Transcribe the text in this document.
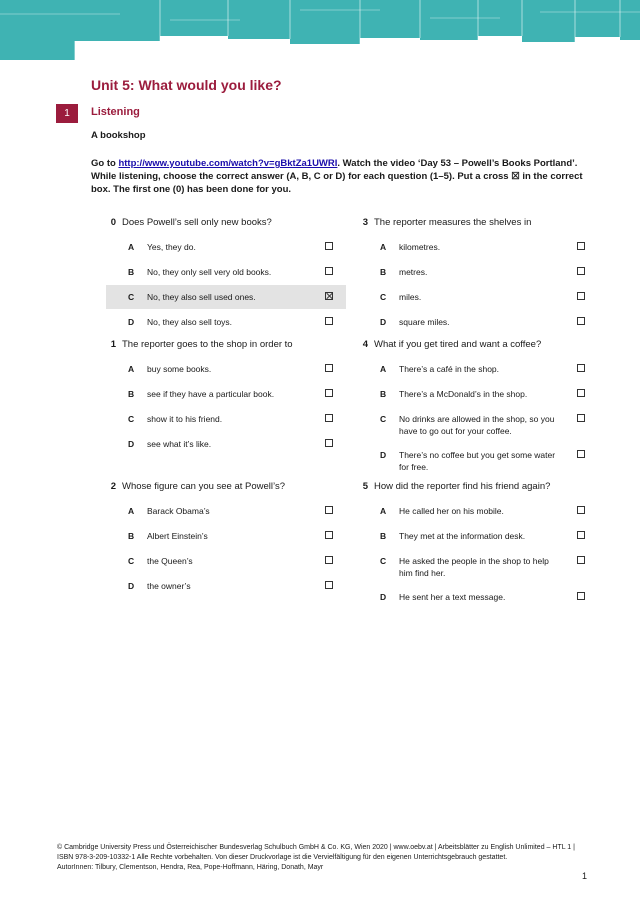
English Unlimited HTL 1
Unit 5: What would you like?
1	Listening
A bookshop
Go to http://www.youtube.com/watch?v=gBktZa1UWRI. Watch the video ‘Day 53 – Powell’s Books Portland’. While listening, choose the correct answer (A, B, C or D) for each question (1–5). Put a cross ☒ in the correct box. The first one (0) has been done for you.
0 Does Powell’s sell only new books?
A Yes, they do.
B No, they only sell very old books.
C No, they also sell used ones.
D No, they also sell toys.
1 The reporter goes to the shop in order to
A buy some books.
B see if they have a particular book.
C show it to his friend.
D see what it’s like.
2 Whose figure can you see at Powell’s?
A Barack Obama’s
B Albert Einstein’s
C the Queen’s
D the owner’s
3 The reporter measures the shelves in
A kilometres.
B metres.
C miles.
D square miles.
4 What if you get tired and want a coffee?
A There’s a café in the shop.
B There’s a McDonald’s in the shop.
C No drinks are allowed in the shop, so you have to go out for your coffee.
D There’s no coffee but you get some water for free.
5 How did the reporter find his friend again?
A He called her on his mobile.
B They met at the information desk.
C He asked the people in the shop to help him find her.
D He sent her a text message.
© Cambridge University Press und Österreichischer Bundesverlag Schulbuch GmbH & Co. KG, Wien 2020 | www.oebv.at | Arbeitsblätter zu English Unlimited – HTL 1 | ISBN 978-3-209-10332-1 Alle Rechte vorbehalten. Von dieser Druckvorlage ist die Vervielfältigung für den eigenen Unterrichtsgebrauch gestattet.
AutorInnen: Tilbury, Clementson, Hendra, Rea, Pope-Hoffmann, Häring, Donath, Mayr
1
